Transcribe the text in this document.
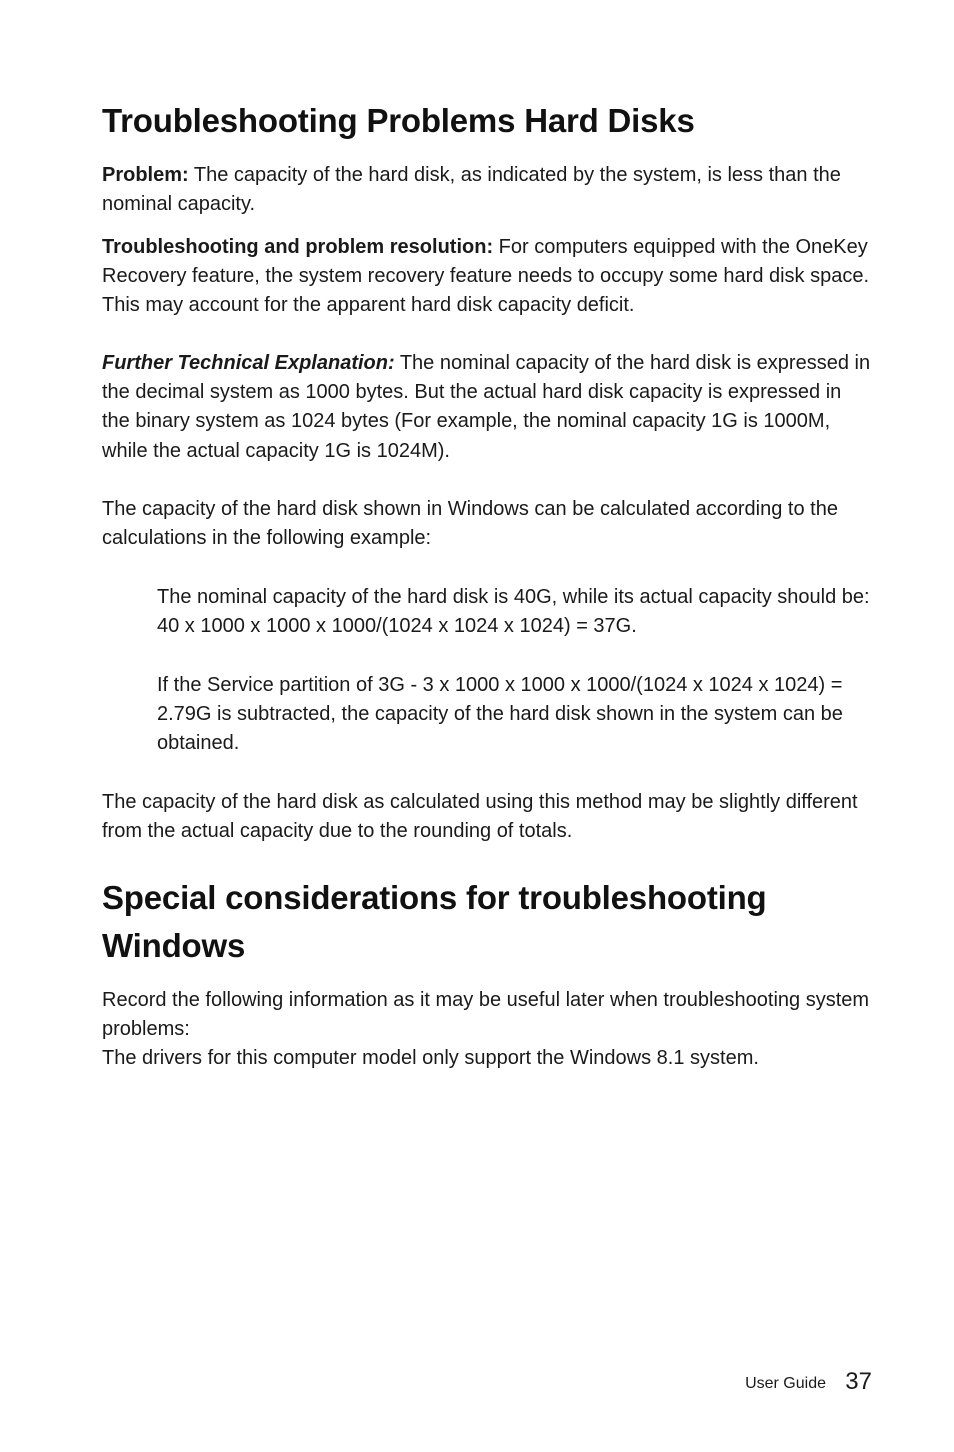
Troubleshooting Problems Hard Disks

Problem: The capacity of the hard disk, as indicated by the system, is less than the nominal capacity.

Troubleshooting and problem resolution: For computers equipped with the OneKey Recovery feature, the system recovery feature needs to occupy some hard disk space. This may account for the apparent hard disk capacity deficit.

Further Technical Explanation: The nominal capacity of the hard disk is expressed in the decimal system as 1000 bytes. But the actual hard disk capacity is expressed in the binary system as 1024 bytes (For example, the nominal capacity 1G is 1000M, while the actual capacity 1G is 1024M).

The capacity of the hard disk shown in Windows can be calculated according to the calculations in the following example:

The nominal capacity of the hard disk is 40G, while its actual capacity should be: 40 x 1000 x 1000 x 1000/(1024 x 1024 x 1024) = 37G.

If the Service partition of 3G - 3 x 1000 x 1000 x 1000/(1024 x 1024 x 1024) = 2.79G is subtracted, the capacity of the hard disk shown in the system can be obtained.

The capacity of the hard disk as calculated using this method may be slightly different from the actual capacity due to the rounding of totals.

Special considerations for troubleshooting Windows

Record the following information as it may be useful later when troubleshooting system problems:

The drivers for this computer model only support the Windows 8.1 system.

User Guide 37
